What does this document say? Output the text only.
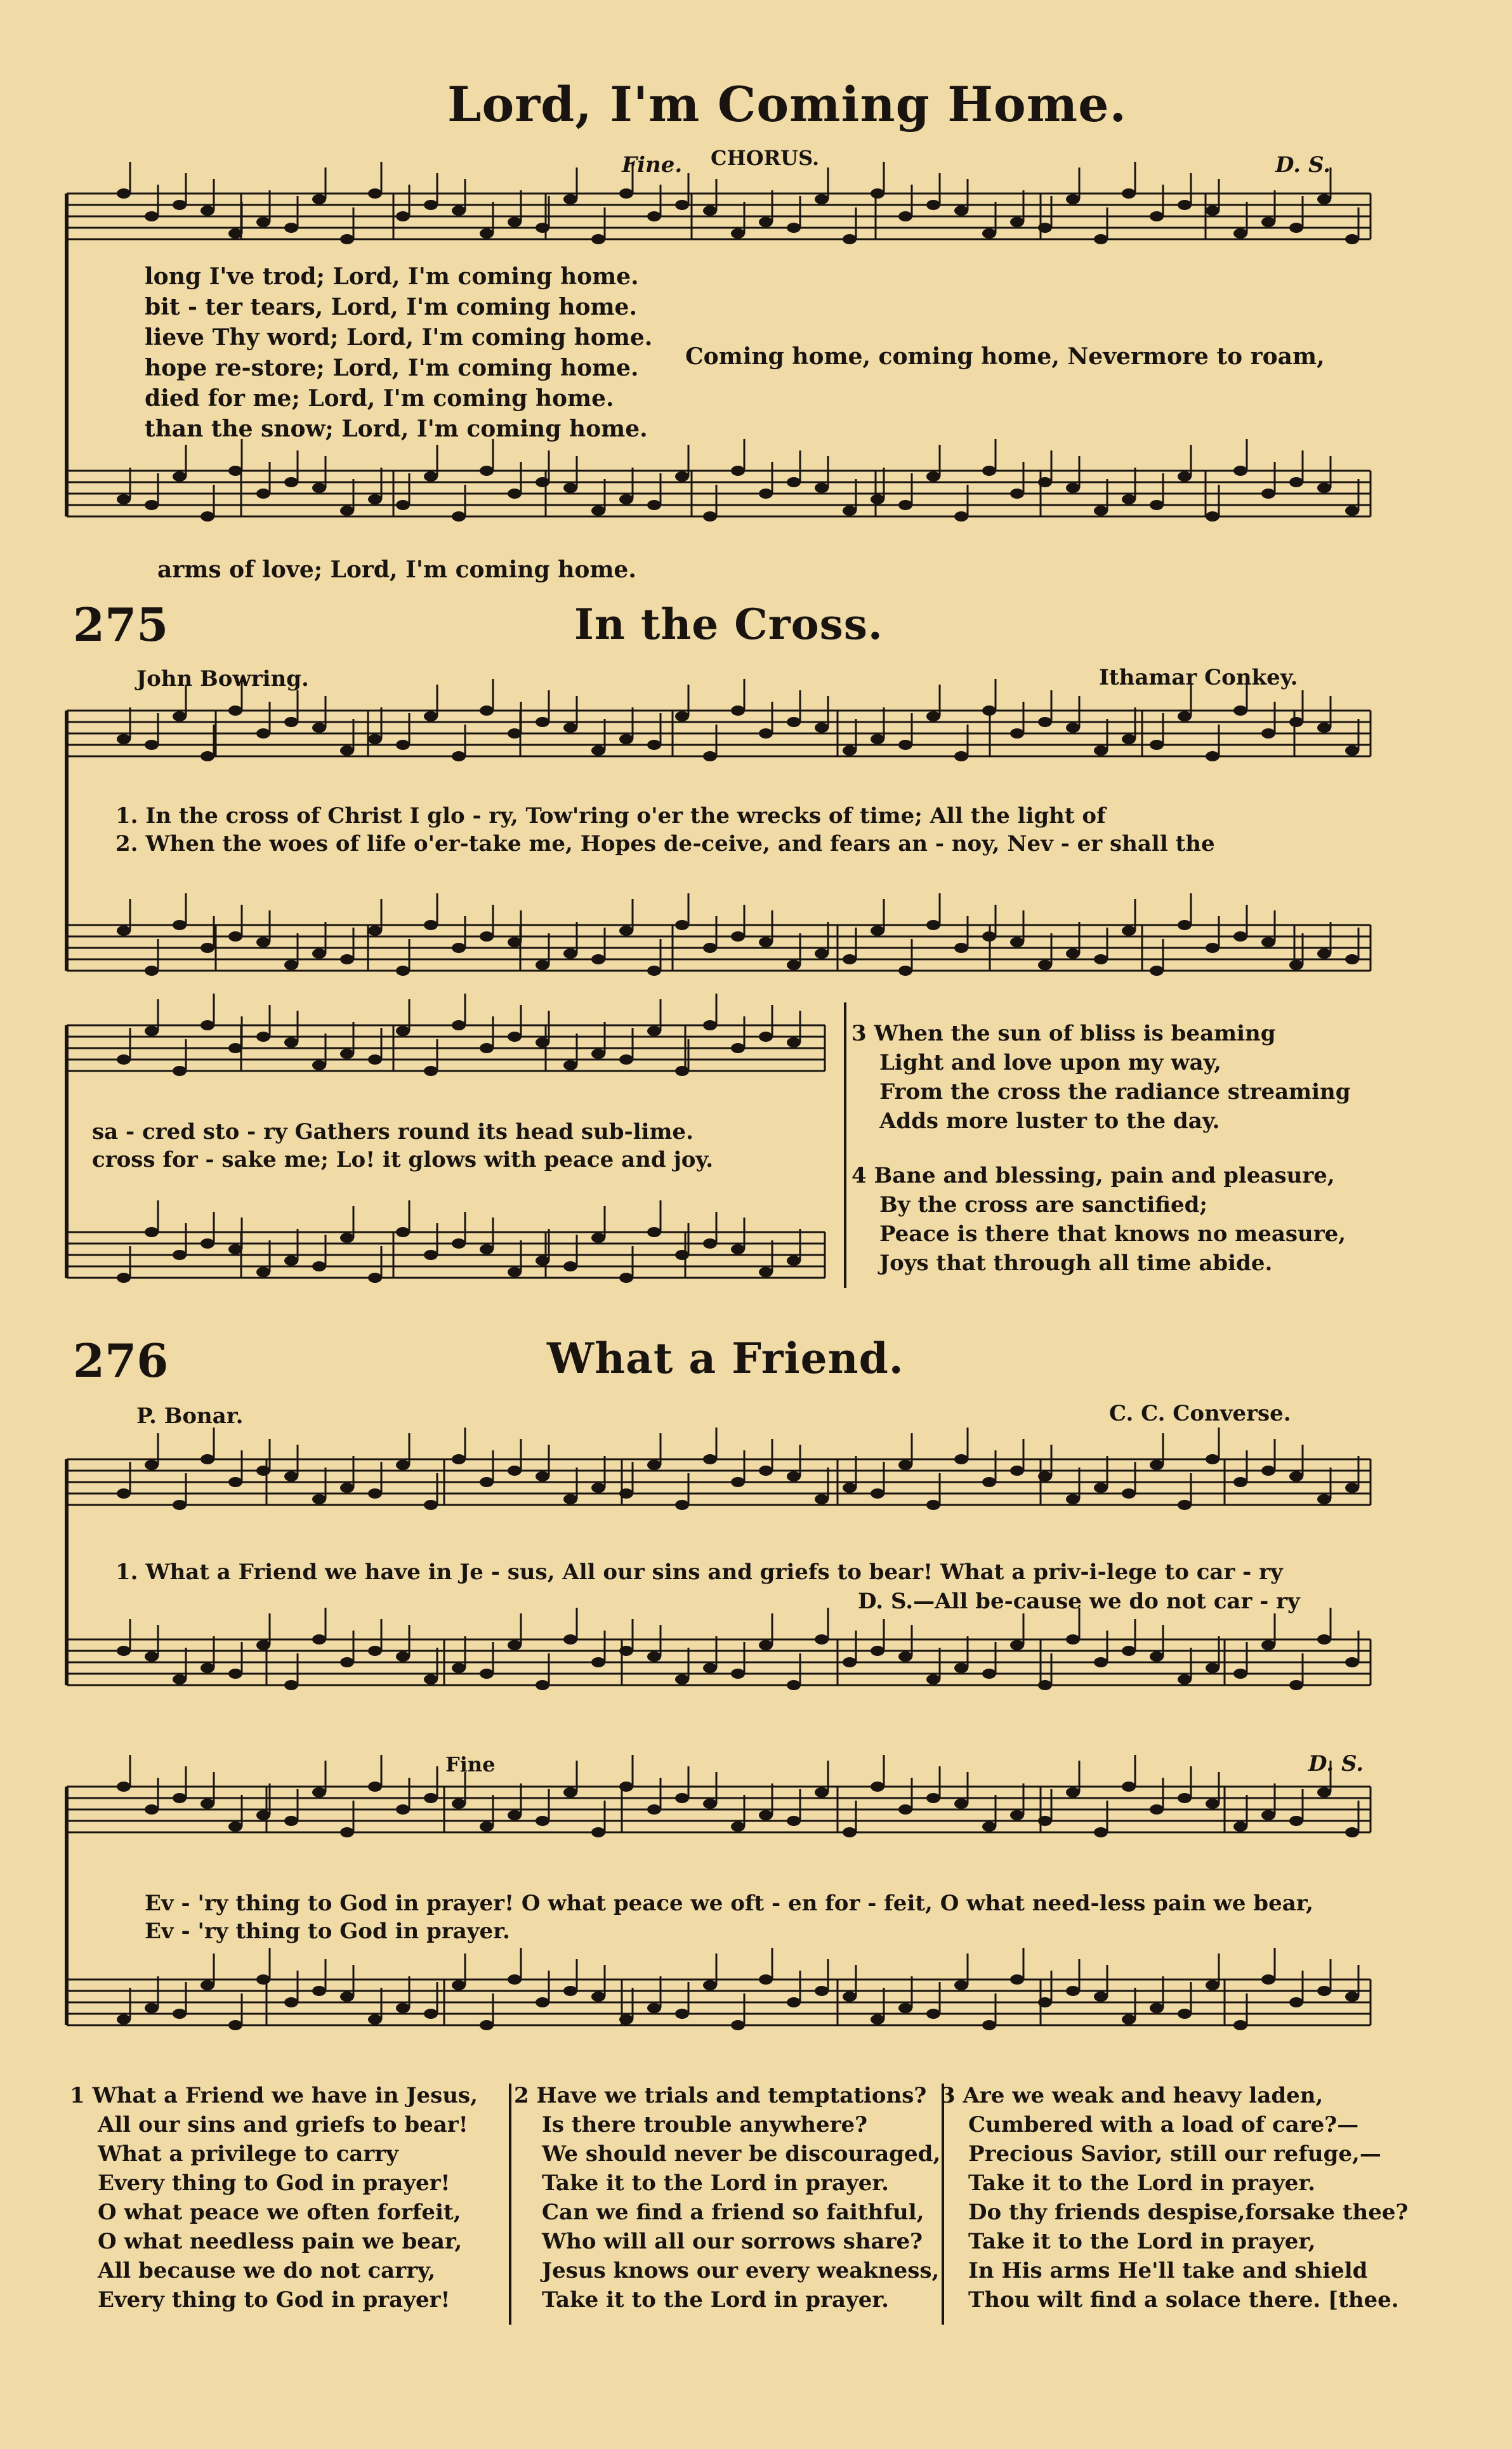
Lord, I'm Coming Home.
Fine. CHORUS.	D. S.
long I've trod; Lord, I'm coming home.
bit - ter tears, Lord, I'm coming home.
lieve Thy word; Lord, I'm coming home.
hope re-store; Lord, I'm coming home.
died for me; Lord, I'm coming home.
than the snow; Lord, I'm coming home.
Coming home, coming home, Nevermore to roam,
arms of love; Lord, I'm coming home.
275	In the Cross.
John Bowring.	Ithamar Conkey.
1. In the cross of Christ I glo - ry, Tow'ring o'er the wrecks of time; All the light of
2. When the woes of life o'er-take me, Hopes de-ceive, and fears an - noy, Nev - er shall the
sa - cred sto - ry Gathers round its head sub-lime.
cross for - sake me; Lo! it glows with peace and joy.
3 When the sun of bliss is beaming
Light and love upon my way,
From the cross the radiance streaming
Adds more luster to the day.
4 Bane and blessing, pain and pleasure,
By the cross are sanctified;
Peace is there that knows no measure,
Joys that through all time abide.
276	What a Friend.
P. Bonar.	C. C. Converse.
1. What a Friend we have in Je - sus, All our sins and griefs to bear! What a priv-i-lege to car - ry
D. S.—All be-cause we do not car - ry
Fine	D. S.
Ev - 'ry thing to God in prayer! O what peace we oft - en for - feit, O what need-less pain we bear,
Ev - 'ry thing to God in prayer.
1 What a Friend we have in Jesus,
All our sins and griefs to bear!
What a privilege to carry
Every thing to God in prayer!
O what peace we often forfeit,
O what needless pain we bear,
All because we do not carry,
Every thing to God in prayer!
2 Have we trials and temptations?
Is there trouble anywhere?
We should never be discouraged,
Take it to the Lord in prayer.
Can we find a friend so faithful,
Who will all our sorrows share?
Jesus knows our every weakness,
Take it to the Lord in prayer.
3 Are we weak and heavy laden,
Cumbered with a load of care?—
Precious Savior, still our refuge,—
Take it to the Lord in prayer.
Do thy friends despise,forsake thee?
Take it to the Lord in prayer,
In His arms He'll take and shield
Thou wilt find a solace there. [thee.
